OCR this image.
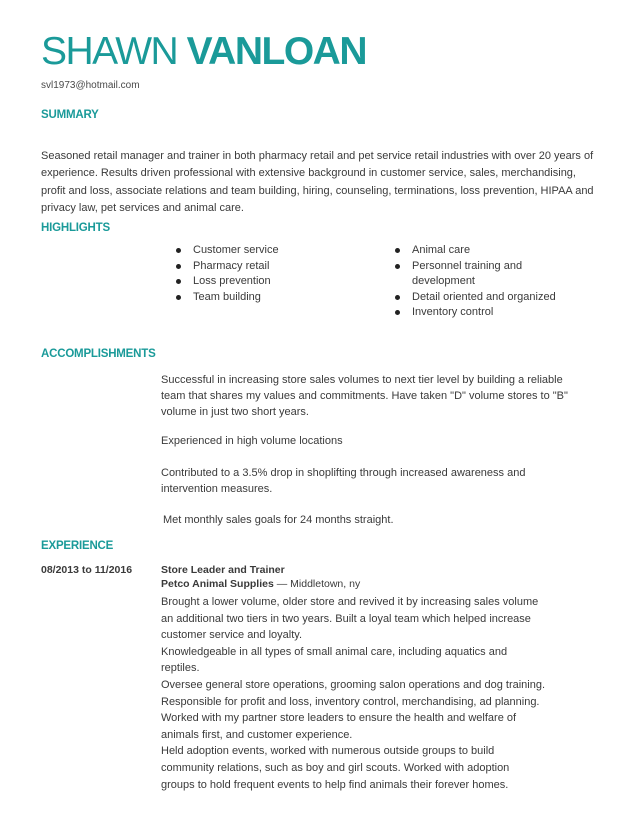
SHAWN VANLOAN
svl1973@hotmail.com
SUMMARY
Seasoned retail manager and trainer in both pharmacy retail and pet service retail industries with over 20 years of experience. Results driven professional with extensive background in customer service, sales, merchandising, profit and loss, associate relations and team building, hiring, counseling, terminations, loss prevention, HIPAA and privacy law, pet services and animal care.
HIGHLIGHTS
Customer service
Pharmacy retail
Loss prevention
Team building
Animal care
Personnel training and development
Detail oriented and organized
Inventory control
ACCOMPLISHMENTS
Successful in increasing store sales volumes to next tier level by building a reliable team that shares my values and commitments. Have taken "D" volume stores to "B" volume in just two short years.
Experienced in high volume locations
Contributed to a 3.5% drop in shoplifting through increased awareness and intervention measures.
Met monthly sales goals for 24 months straight.
EXPERIENCE
08/2013 to 11/2016	Store Leader and Trainer
Petco Animal Supplies — Middletown, ny
Brought a lower volume, older store and revived it by increasing sales volume
an additional two tiers in two years. Built a loyal team which helped increase
customer service and loyalty.
Knowledgeable in all types of small animal care, including aquatics and
reptiles.
Oversee general store operations, grooming salon operations and dog training.
Responsible for profit and loss, inventory control, merchandising, ad planning.
Worked with my partner store leaders to ensure the health and welfare of
animals first, and customer experience.
Held adoption events, worked with numerous outside groups to build
community relations, such as boy and girl scouts. Worked with adoption
groups to hold frequent events to help find animals their forever homes.
